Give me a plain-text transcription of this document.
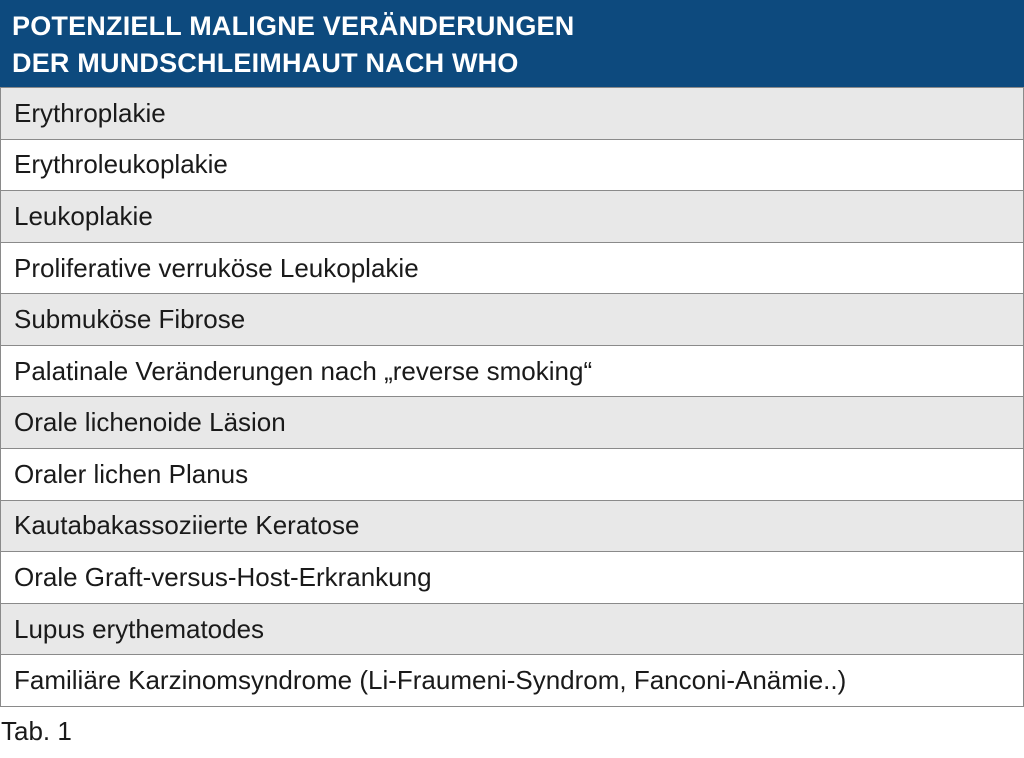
POTENZIELL MALIGNE VERÄNDERUNGEN
DER MUNDSCHLEIMHAUT NACH WHO
Erythroplakie
Erythroleukoplakie
Leukoplakie
Proliferative verruköse Leukoplakie
Submuköse Fibrose
Palatinale Veränderungen nach „reverse smoking“
Orale lichenoide Läsion
Oraler lichen Planus
Kautabakassoziierte Keratose
Orale Graft-versus-Host-Erkrankung
Lupus erythematodes
Familiäre Karzinomsyndrome (Li-Fraumeni-Syndrom, Fanconi-Anämie..)
Tab. 1
